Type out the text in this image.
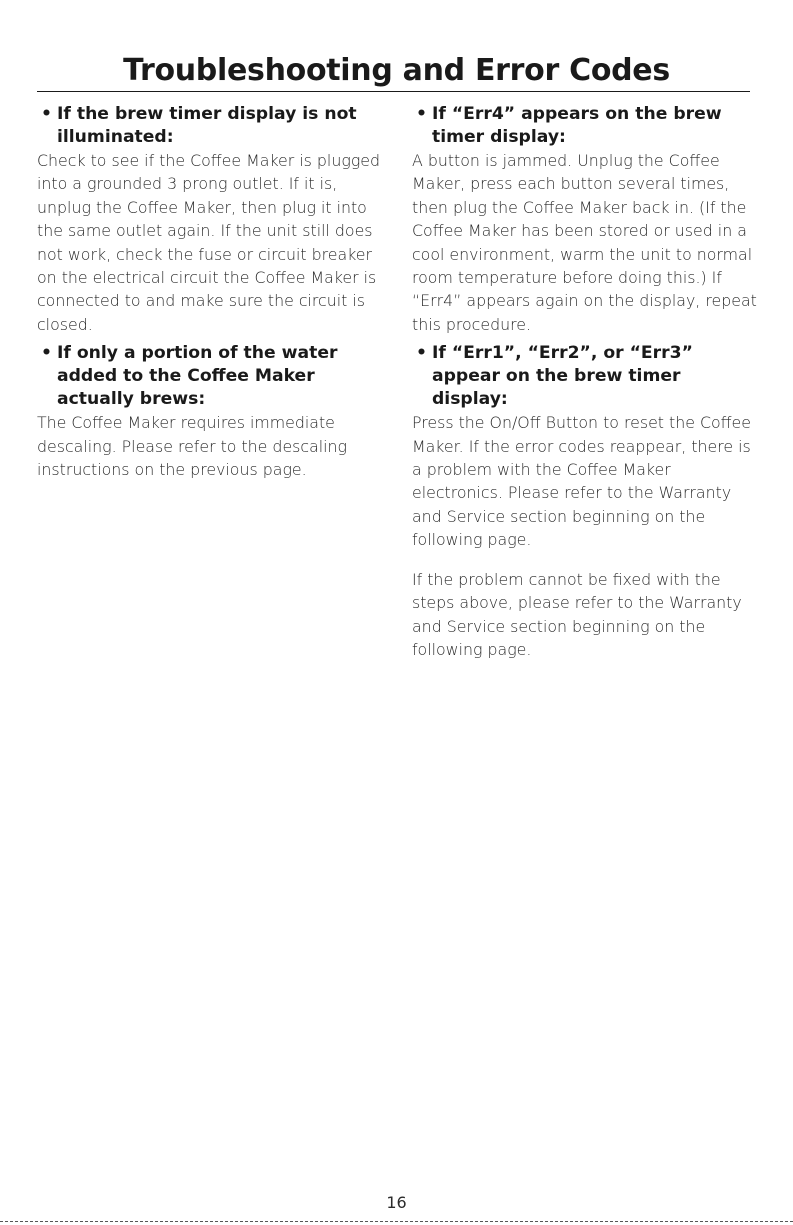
Troubleshooting and Error Codes
• If the brew timer display is not illuminated:

Check to see if the Coffee Maker is plugged into a grounded 3 prong outlet. If it is, unplug the Coffee Maker, then plug it into the same outlet again. If the unit still does not work, check the fuse or circuit breaker on the electrical circuit the Coffee Maker is connected to and make sure the circuit is closed.

• If only a portion of the water added to the Coffee Maker actually brews:

The Coffee Maker requires immediate descaling. Please refer to the descaling instructions on the previous page.

• If “Err4” appears on the brew timer display:

A button is jammed. Unplug the Coffee Maker, press each button several times, then plug the Coffee Maker back in. (If the Coffee Maker has been stored or used in a cool environment, warm the unit to normal room temperature before doing this.) If “Err4” appears again on the display, repeat this procedure.

• If “Err1”, “Err2”, or “Err3” appear on the brew timer display:

Press the On/Off Button to reset the Coffee Maker. If the error codes reappear, there is a problem with the Coffee Maker electronics. Please refer to the Warranty and Service section beginning on the following page.

If the problem cannot be fixed with the steps above, please refer to the Warranty and Service section beginning on the following page.

16
